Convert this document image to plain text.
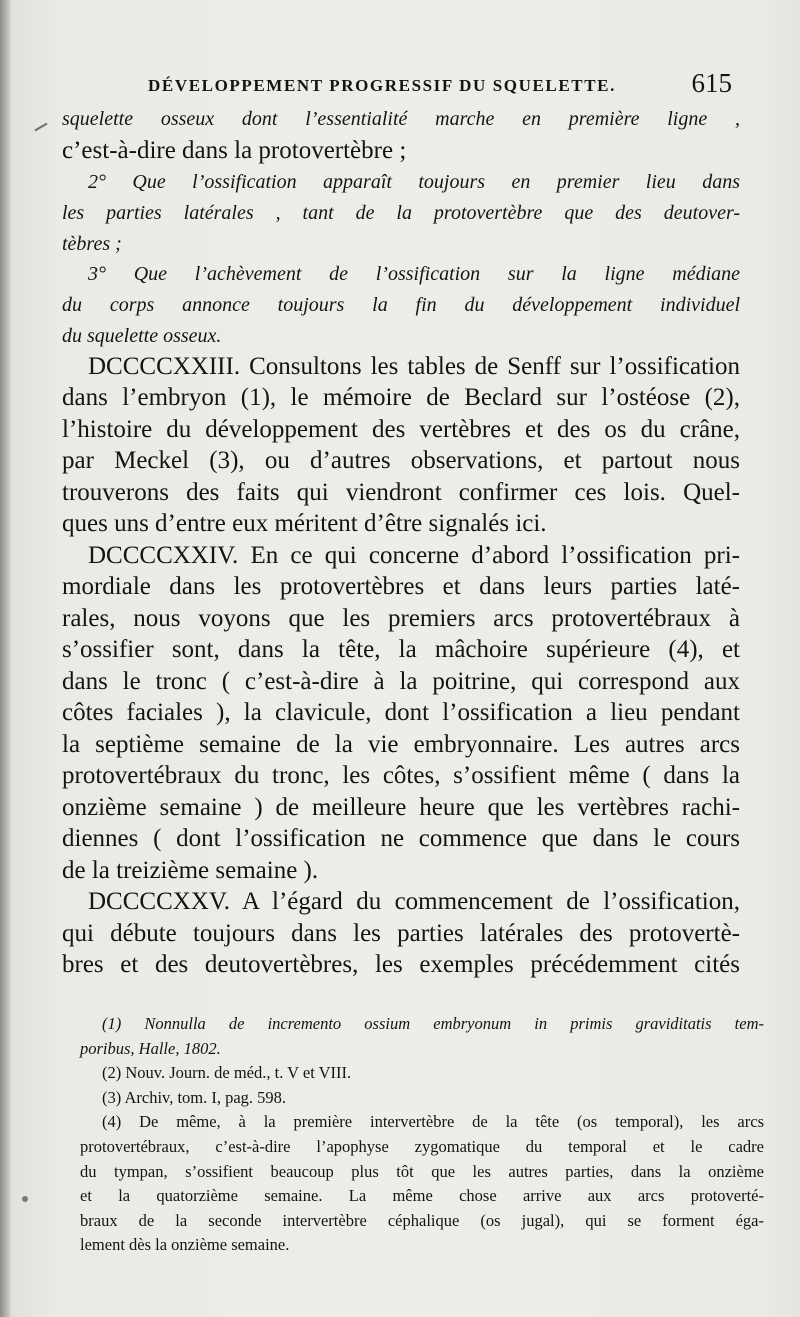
DÉVELOPPEMENT PROGRESSIF DU SQUELETTE.	615
squelette osseux dont l’essentialité marche en première ligne ,
c’est-à-dire dans la protovertèbre ;
2° Que l’ossification apparaît toujours en premier lieu dans
les parties latérales , tant de la protovertèbre que des deutover-
tèbres ;
3° Que l’achèvement de l’ossification sur la ligne médiane
du corps annonce toujours la fin du développement individuel
du squelette osseux.
DCCCCXXIII. Consultons les tables de Senff sur l’ossification
dans l’embryon (1), le mémoire de Beclard sur l’ostéose (2),
l’histoire du développement des vertèbres et des os du crâne,
par Meckel (3), ou d’autres observations, et partout nous
trouverons des faits qui viendront confirmer ces lois. Quel-
ques uns d’entre eux méritent d’être signalés ici.
DCCCCXXIV. En ce qui concerne d’abord l’ossification pri-
mordiale dans les protovertèbres et dans leurs parties laté-
rales, nous voyons que les premiers arcs protovertébraux à
s’ossifier sont, dans la tête, la mâchoire supérieure (4), et
dans le tronc ( c’est-à-dire à la poitrine, qui correspond aux
côtes faciales ), la clavicule, dont l’ossification a lieu pendant
la septième semaine de la vie embryonnaire. Les autres arcs
protovertébraux du tronc, les côtes, s’ossifient même ( dans la
onzième semaine ) de meilleure heure que les vertèbres rachi-
diennes ( dont l’ossification ne commence que dans le cours
de la treizième semaine ).
DCCCCXXV. A l’égard du commencement de l’ossification,
qui débute toujours dans les parties latérales des protovertè-
bres et des deutovertèbres, les exemples précédemment cités
(1) Nonnulla de incremento ossium embryonum in primis graviditatis tem-
poribus, Halle, 1802.
(2) Nouv. Journ. de méd., t. V et VIII.
(3) Archiv, tom. I, pag. 598.
(4) De même, à la première intervertèbre de la tête (os temporal), les arcs
protovertébraux, c’est-à-dire l’apophyse zygomatique du temporal et le cadre
du tympan, s’ossifient beaucoup plus tôt que les autres parties, dans la onzième
et la quatorzième semaine. La même chose arrive aux arcs protoverté-
braux de la seconde intervertèbre céphalique (os jugal), qui se forment éga-
lement dès la onzième semaine.
